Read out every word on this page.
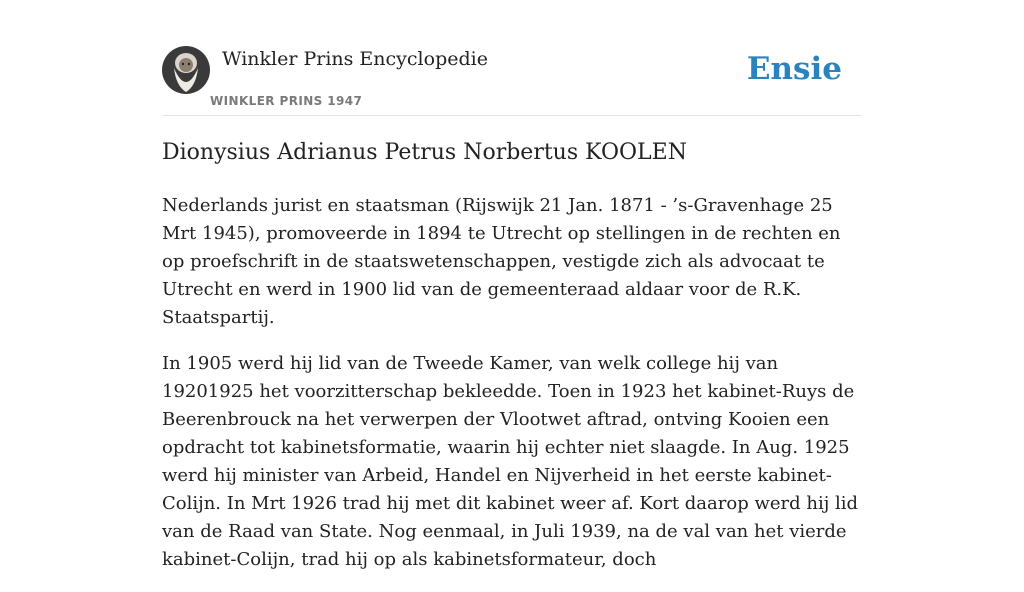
Winkler Prins Encyclopedie
WINKLER PRINS 1947
Ensie
Dionysius Adrianus Petrus Norbertus KOOLEN

Nederlands jurist en staatsman (Rijswijk 21 Jan. 1871 - ’s-Gravenhage 25 Mrt 1945), promoveerde in 1894 te Utrecht op stellingen in de rechten en op proefschrift in de staatswetenschappen, vestigde zich als advocaat te Utrecht en werd in 1900 lid van de gemeenteraad aldaar voor de R.K. Staatspartij.

In 1905 werd hij lid van de Tweede Kamer, van welk college hij van 19201925 het voorzitterschap bekleedde. Toen in 1923 het kabinet-Ruys de Beerenbrouck na het verwerpen der Vlootwet aftrad, ontving Kooien een opdracht tot kabinetsformatie, waarin hij echter niet slaagde. In Aug. 1925 werd hij minister van Arbeid, Handel en Nijverheid in het eerste kabinet-Colijn. In Mrt 1926 trad hij met dit kabinet weer af. Kort daarop werd hij lid van de Raad van State. Nog eenmaal, in Juli 1939, na de val van het vierde kabinet-Colijn, trad hij op als kabinetsformateur, doch
